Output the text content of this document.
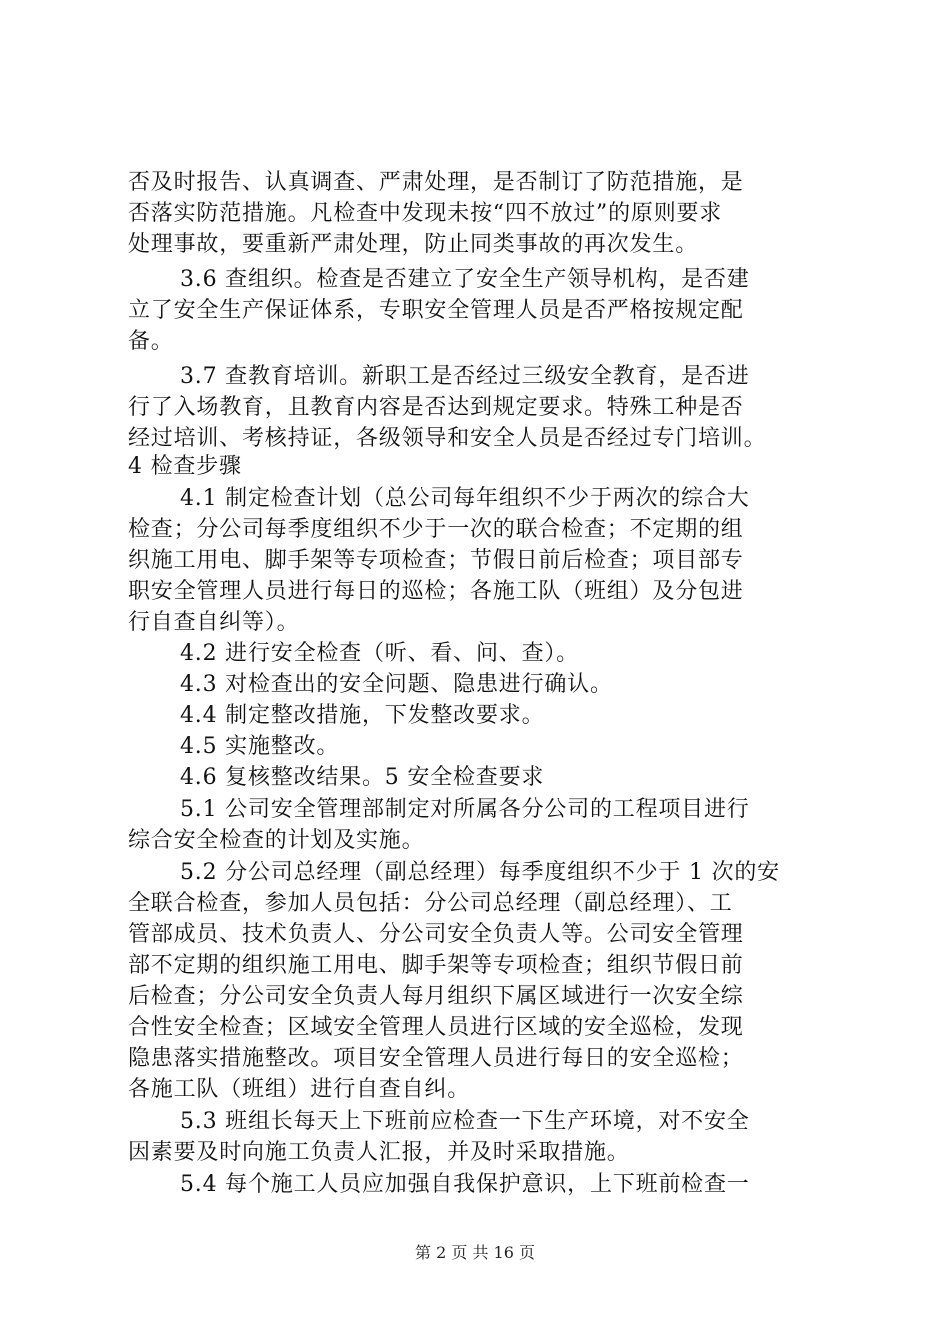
否及时报告、认真调查、严肃处理，是否制订了防范措施，是
否落实防范措施。凡检查中发现未按“四不放过”的原则要求
处理事故，要重新严肃处理，防止同类事故的再次发生。
3.6 查组织。检查是否建立了安全生产领导机构，是否建
立了安全生产保证体系，专职安全管理人员是否严格按规定配
备。
3.7 查教育培训。新职工是否经过三级安全教育，是否进
行了入场教育，且教育内容是否达到规定要求。特殊工种是否
经过培训、考核持证，各级领导和安全人员是否经过专门培训。
4 检查步骤
4.1 制定检查计划（总公司每年组织不少于两次的综合大
检查；分公司每季度组织不少于一次的联合检查；不定期的组
织施工用电、脚手架等专项检查；节假日前后检查；项目部专
职安全管理人员进行每日的巡检；各施工队（班组）及分包进
行自查自纠等）。
4.2 进行安全检查（听、看、问、查）。
4.3 对检查出的安全问题、隐患进行确认。
4.4 制定整改措施，下发整改要求。
4.5 实施整改。
4.6 复核整改结果。5 安全检查要求
5.1 公司安全管理部制定对所属各分公司的工程项目进行
综合安全检查的计划及实施。
5.2 分公司总经理（副总经理）每季度组织不少于 1 次的安
全联合检查，参加人员包括：分公司总经理（副总经理）、工
管部成员、技术负责人、分公司安全负责人等。公司安全管理
部不定期的组织施工用电、脚手架等专项检查；组织节假日前
后检查；分公司安全负责人每月组织下属区域进行一次安全综
合性安全检查；区域安全管理人员进行区域的安全巡检，发现
隐患落实措施整改。项目安全管理人员进行每日的安全巡检；
各施工队（班组）进行自查自纠。
5.3 班组长每天上下班前应检查一下生产环境，对不安全
因素要及时向施工负责人汇报，并及时采取措施。
5.4 每个施工人员应加强自我保护意识，上下班前检查一
第 2 页 共 16 页
